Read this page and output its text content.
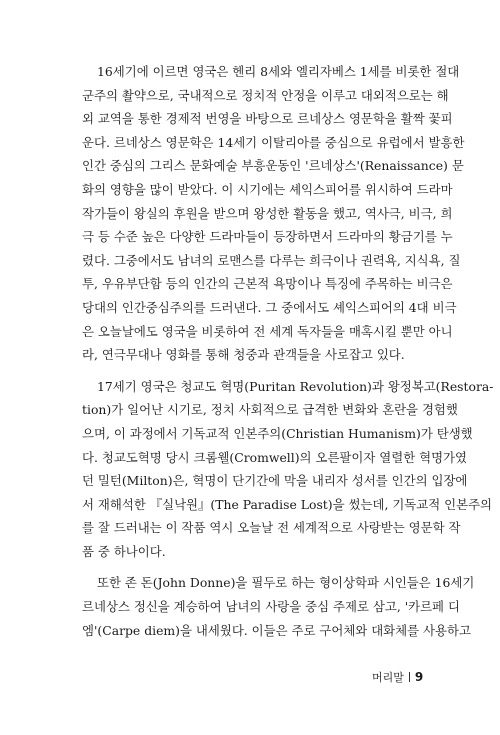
16세기에 이르면 영국은 헨리 8세와 엘리자베스 1세를 비롯한 절대
군주의 촬약으로, 국내적으로 정치적 안정을 이루고 대외적으로는 해
외 교역을 통한 경제적 번영을 바탕으로 르네상스 영문학을 활짝 꽃피
운다. 르네상스 영문학은 14세기 이탈리아를 중심으로 유럽에서 발흥한
인간 중심의 그리스 문화예술 부흥운동인 '르네상스'(Renaissance) 문
화의 영향을 많이 받았다. 이 시기에는 셰익스피어를 위시하여 드라마
작가들이 왕실의 후원을 받으며 왕성한 활동을 했고, 역사극, 비극, 희
극 등 수준 높은 다양한 드라마들이 등장하면서 드라마의 황금기를 누
렸다. 그중에서도 남녀의 로맨스를 다루는 희극이나 권력욕, 지식욕, 질
투, 우유부단함 등의 인간의 근본적 욕망이나 특징에 주목하는 비극은
당대의 인간중심주의를 드러낸다. 그 중에서도 셰익스피어의 4대 비극
은 오늘날에도 영국을 비롯하여 전 세계 독자들을 매혹시킬 뿐만 아니
라, 연극무대나 영화를 통해 청중과 관객들을 사로잡고 있다.
17세기 영국은 청교도 혁명(Puritan Revolution)과 왕정복고(Restora-
tion)가 일어난 시기로, 정치 사회적으로 급격한 변화와 혼란을 경험했
으며, 이 과정에서 기독교적 인본주의(Christian Humanism)가 탄생했
다. 청교도혁명 당시 크롬웰(Cromwell)의 오른팔이자 열렬한 혁명가였
던 밀턴(Milton)은, 혁명이 단기간에 막을 내리자 성서를 인간의 입장에
서 재해석한 『실낙원』(The Paradise Lost)을 썼는데, 기독교적 인본주의
를 잘 드러내는 이 작품 역시 오늘날 전 세계적으로 사랑받는 영문학 작
품 중 하나이다.
또한 존 돈(John Donne)을 필두로 하는 형이상학파 시인들은 16세기
르네상스 정신을 계승하여 남녀의 사랑을 중심 주제로 삼고, '카르페 디
엠'(Carpe diem)을 내세웠다. 이들은 주로 구어체와 대화체를 사용하고
머리말 9
